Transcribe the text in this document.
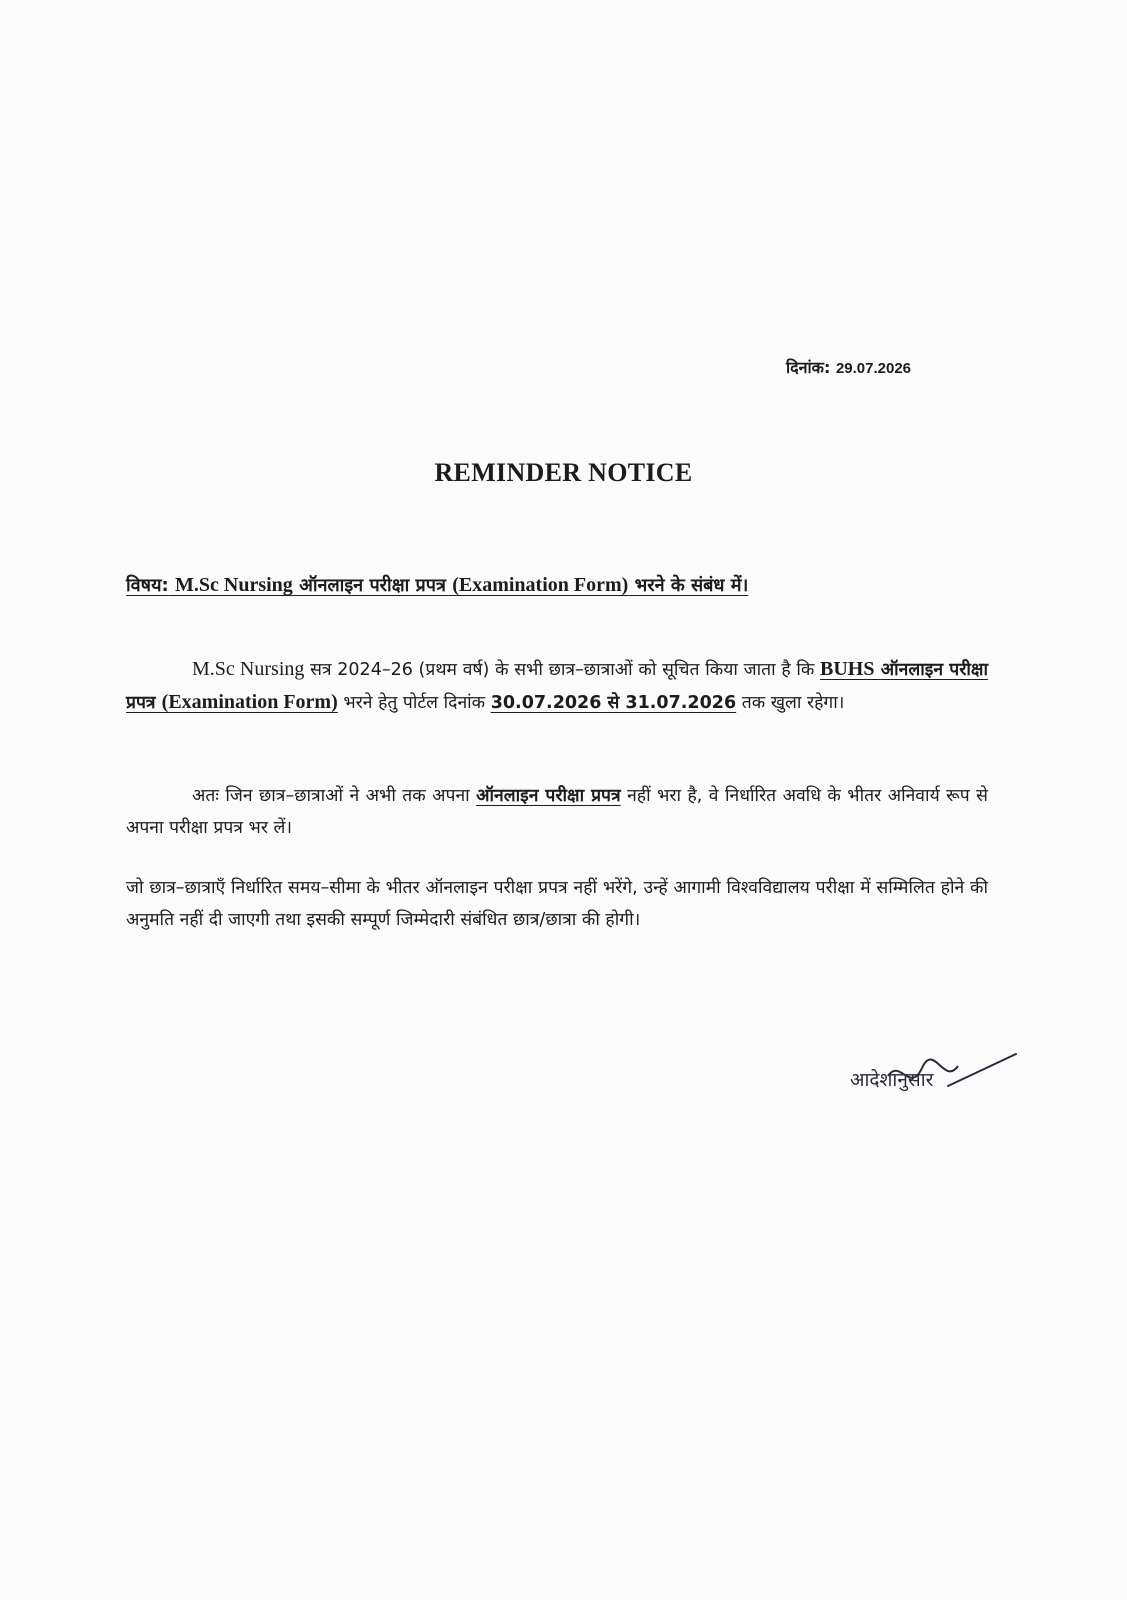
दिनांक: 29.07.2026
REMINDER NOTICE
विषय: M.Sc Nursing ऑनलाइन परीक्षा प्रपत्र (Examination Form) भरने के संबंध में।
M.Sc Nursing सत्र 2024–26 (प्रथम वर्ष) के सभी छात्र–छात्राओं को सूचित किया जाता है कि BUHS ऑनलाइन परीक्षा प्रपत्र (Examination Form) भरने हेतु पोर्टल दिनांक 30.07.2026 से 31.07.2026 तक खुला रहेगा।
अतः जिन छात्र–छात्राओं ने अभी तक अपना ऑनलाइन परीक्षा प्रपत्र नहीं भरा है, वे निर्धारित अवधि के भीतर अनिवार्य रूप से अपना परीक्षा प्रपत्र भर लें।
जो छात्र–छात्राएँ निर्धारित समय–सीमा के भीतर ऑनलाइन परीक्षा प्रपत्र नहीं भरेंगे, उन्हें आगामी विश्वविद्यालय परीक्षा में सम्मिलित होने की अनुमति नहीं दी जाएगी तथा इसकी सम्पूर्ण जिम्मेदारी संबंधित छात्र/छात्रा की होगी।
आदेशानुसार
